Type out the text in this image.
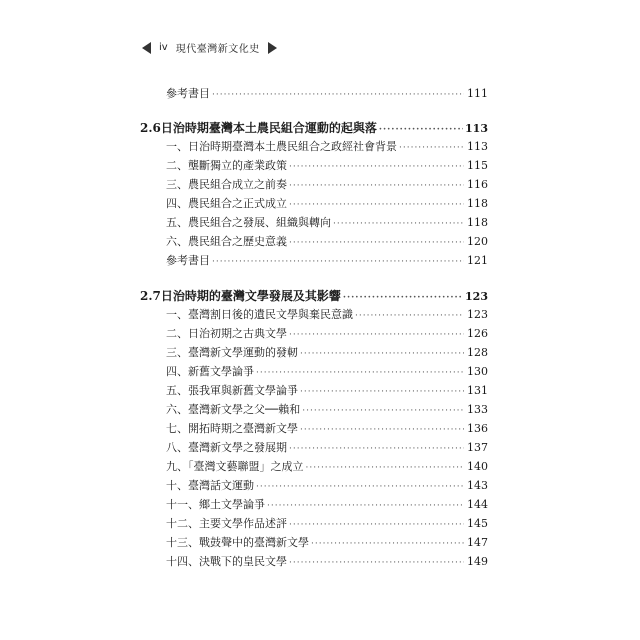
iv 現代臺灣新文化史
參考書目 ·····	111
2.6 日治時期臺灣本土農民組合運動的起與落 ·····	113
一、日治時期臺灣本土農民組合之政經社會背景 ·····	113
二、壟斷獨立的產業政策 ·····	115
三、農民組合成立之前奏 ·····	116
四、農民組合之正式成立 ·····	118
五、農民組合之發展、組織與轉向 ·····	118
六、農民組合之歷史意義 ·····	120
參考書目 ·····	121
2.7 日治時期的臺灣文學發展及其影響 ·····	123
一、臺灣割日後的遺民文學與棄民意識 ·····	123
二、日治初期之古典文學 ·····	126
三、臺灣新文學運動的發軔 ·····	128
四、新舊文學論爭 ·····	130
五、張我軍與新舊文學論爭 ·····	131
六、臺灣新文學之父──賴和 ·····	133
七、開拓時期之臺灣新文學 ·····	136
八、臺灣新文學之發展期 ·····	137
九、「臺灣文藝聯盟」之成立 ·····	140
十、臺灣話文運動 ·····	143
十一、鄉土文學論爭 ·····	144
十二、主要文學作品述評 ·····	145
十三、戰鼓聲中的臺灣新文學 ·····	147
十四、決戰下的皇民文學 ·····	149
